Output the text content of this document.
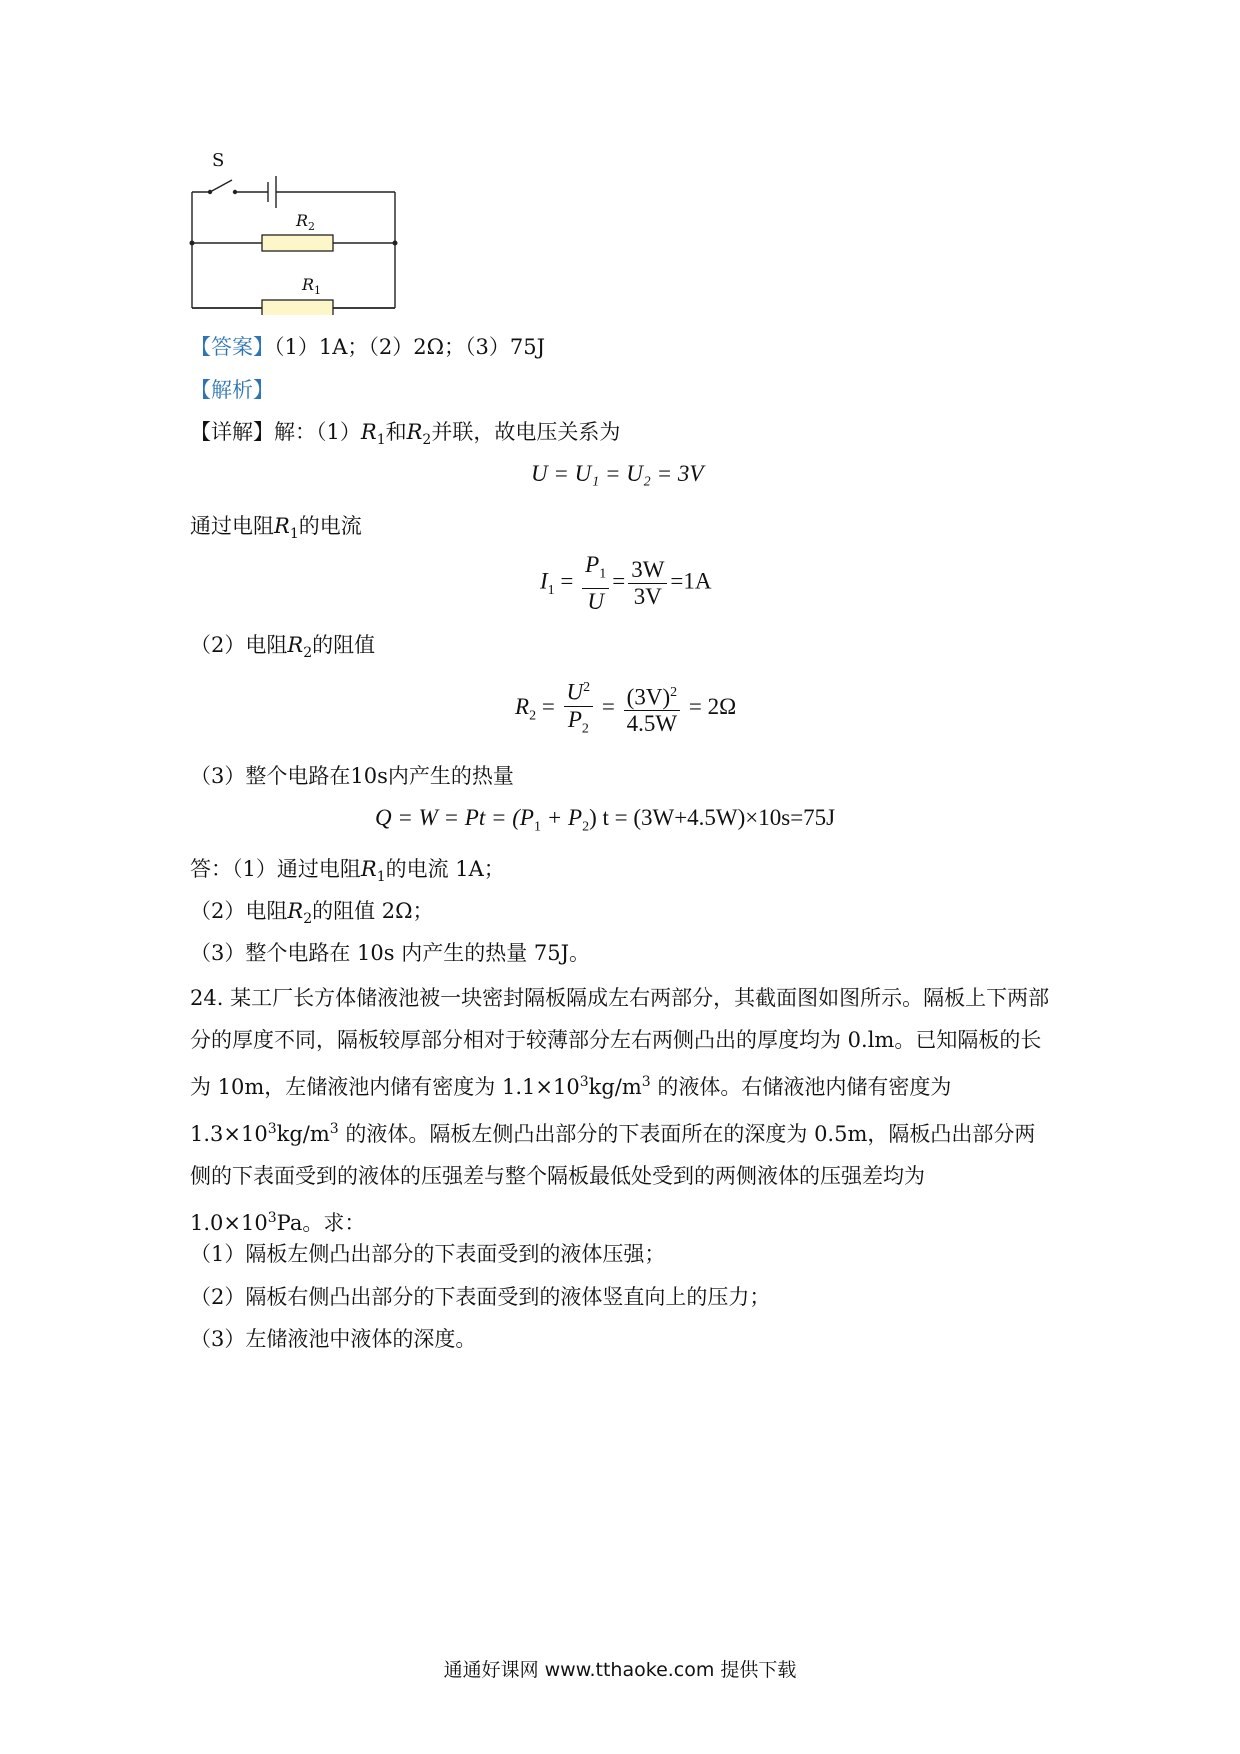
S
$R_2$
$R_1$
【答案】（1）1A；（2）2Ω；（3）75J
【解析】
【详解】解：$(1)R_1$和$R_2$并联，故电压关系为
U = U₁ = U₂ = 3V
通过电阻$R_1$的电流
$I_1 = \frac{P_1}{U} = \frac{3W}{3V} =1A$
（2）电阻$R_2$的阻值
$R_2 = \frac{U^2}{P_2} = \frac{(3V)^2}{4.5W} = 2\Omega$
（3）整个电路在10s内产生的热量
$Q = W = Pt = (P_1 + P_2) t = (3W+4.5W)\times 10s=75J$
答：（1）通过电阻$R_1$的电流 1A；
（2）电阻$R_2$的阻值 2Ω；
（3）整个电路在 10s 内产生的热量 75J。
24. 某工厂长方体储液池被一块密封隔板隔成左右两部分，其截面图如图所示。隔板上下两部分的厚度不同，隔板较厚部分相对于较薄部分左右两侧凸出的厚度均为 0.lm。已知隔板的长为 10m，左储液池内储有密度为 $1.1\times 10^3kg/m^3$ 的液体。右储液池内储有密度为 $1.3\times 10^3kg/m^3$ 的液体。隔板左侧凸出部分的下表面所在的深度为 0.5m，隔板凸出部分两侧的下表面受到的液体的压强差与整个隔板最低处受到的两侧液体的压强差均为 $1.0\times 10^3Pa$。求：
（1）隔板左侧凸出部分的下表面受到的液体压强；
（2）隔板右侧凸出部分的下表面受到的液体竖直向上的压力；
（3）左储液池中液体的深度。
通通好课网 www.tthaoke.com 提供下载
